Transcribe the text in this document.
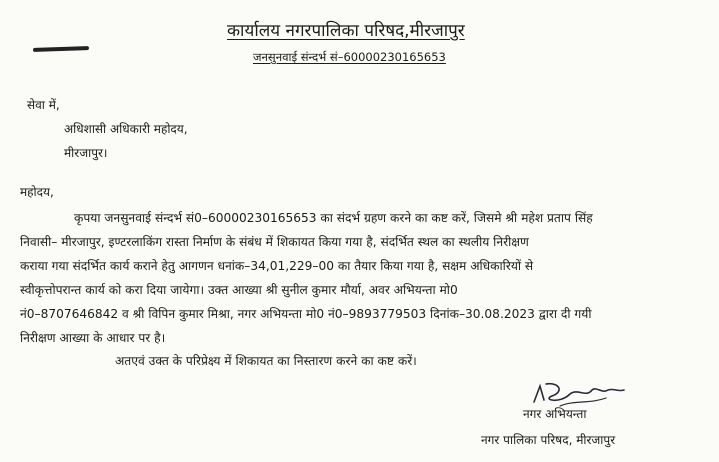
कार्यालय नगरपालिका परिषद,मीरजापुर
जनसुनवाई संन्दर्भ सं–60000230165653
सेवा में,
अधिशासी अधिकारी महोदय,
मीरजापुर।
महोदय,
कृपया जनसुनवाई संन्दर्भ सं0–60000230165653 का संदर्भ ग्रहण करने का कष्ट करें, जिसमे श्री महेश प्रताप सिंह
निवासी– मीरजापुर, इण्टरलाकिंग रास्ता निर्माण के संबंध में शिकायत किया गया है, संदर्भित स्थल का स्थलीय निरीक्षण
कराया गया संदर्भित कार्य कराने हेतु आगणन धनांक–34,01,229–00 का तैयार किया गया है, सक्षम अधिकारियों से
स्वीकृत्तोपरान्त कार्य को करा दिया जायेगा। उक्त आख्या श्री सुनील कुमार मौर्या, अवर अभियन्ता मो0
नं0–8707646842 व श्री विपिन कुमार मिश्रा, नगर अभियन्ता मो0 नं0–9893779503 दिनांक–30.08.2023 द्वारा दी गयी
निरीक्षण आख्या के आधार पर है।
अतएवं उक्त के परिप्रेक्ष्य में शिकायत का निस्तारण करने का कष्ट करें।
नगर अभियन्ता
नगर पालिका परिषद, मीरजापुर
